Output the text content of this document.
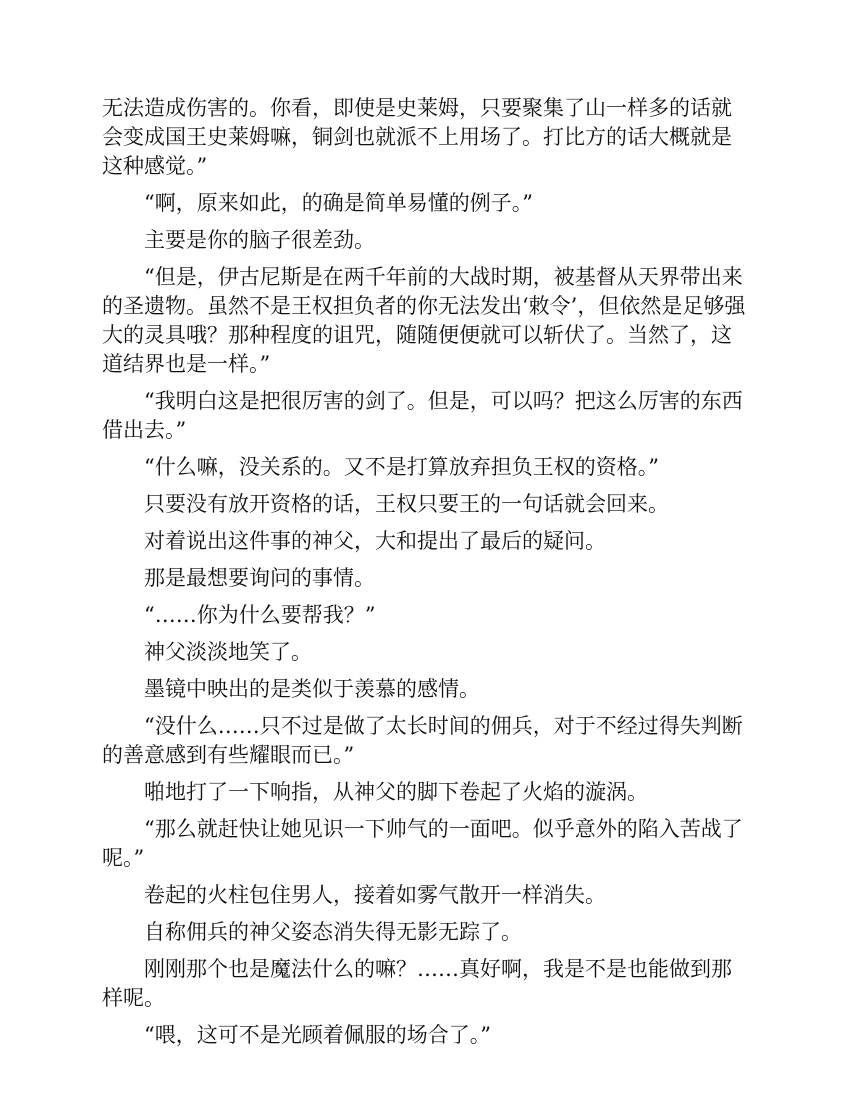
无法造成伤害的。你看，即使是史莱姆，只要聚集了山一样多的话就会变成国王史莱姆嘛，铜剑也就派不上用场了。打比方的话大概就是这种感觉。”

“啊，原来如此，的确是简单易懂的例子。”

主要是你的脑子很差劲。

“但是，伊古尼斯是在两千年前的大战时期，被基督从天界带出来的圣遗物。虽然不是王权担负者的你无法发出‘敕令’，但依然是足够强大的灵具哦？那种程度的诅咒，随随便便就可以斩伏了。当然了，这道结界也是一样。”

“我明白这是把很厉害的剑了。但是，可以吗？把这么厉害的东西借出去。”

“什么嘛，没关系的。又不是打算放弃担负王权的资格。”

只要没有放开资格的话，王权只要王的一句话就会回来。

对着说出这件事的神父，大和提出了最后的疑问。

那是最想要询问的事情。

“……你为什么要帮我？”

神父淡淡地笑了。

墨镜中映出的是类似于羡慕的感情。

“没什么……只不过是做了太长时间的佣兵，对于不经过得失判断的善意感到有些耀眼而已。”

啪地打了一下响指，从神父的脚下卷起了火焰的漩涡。

“那么就赶快让她见识一下帅气的一面吧。似乎意外的陷入苦战了呢。”

卷起的火柱包住男人，接着如雾气散开一样消失。

自称佣兵的神父姿态消失得无影无踪了。

刚刚那个也是魔法什么的嘛？……真好啊，我是不是也能做到那样呢。

“喂，这可不是光顾着佩服的场合了。”
